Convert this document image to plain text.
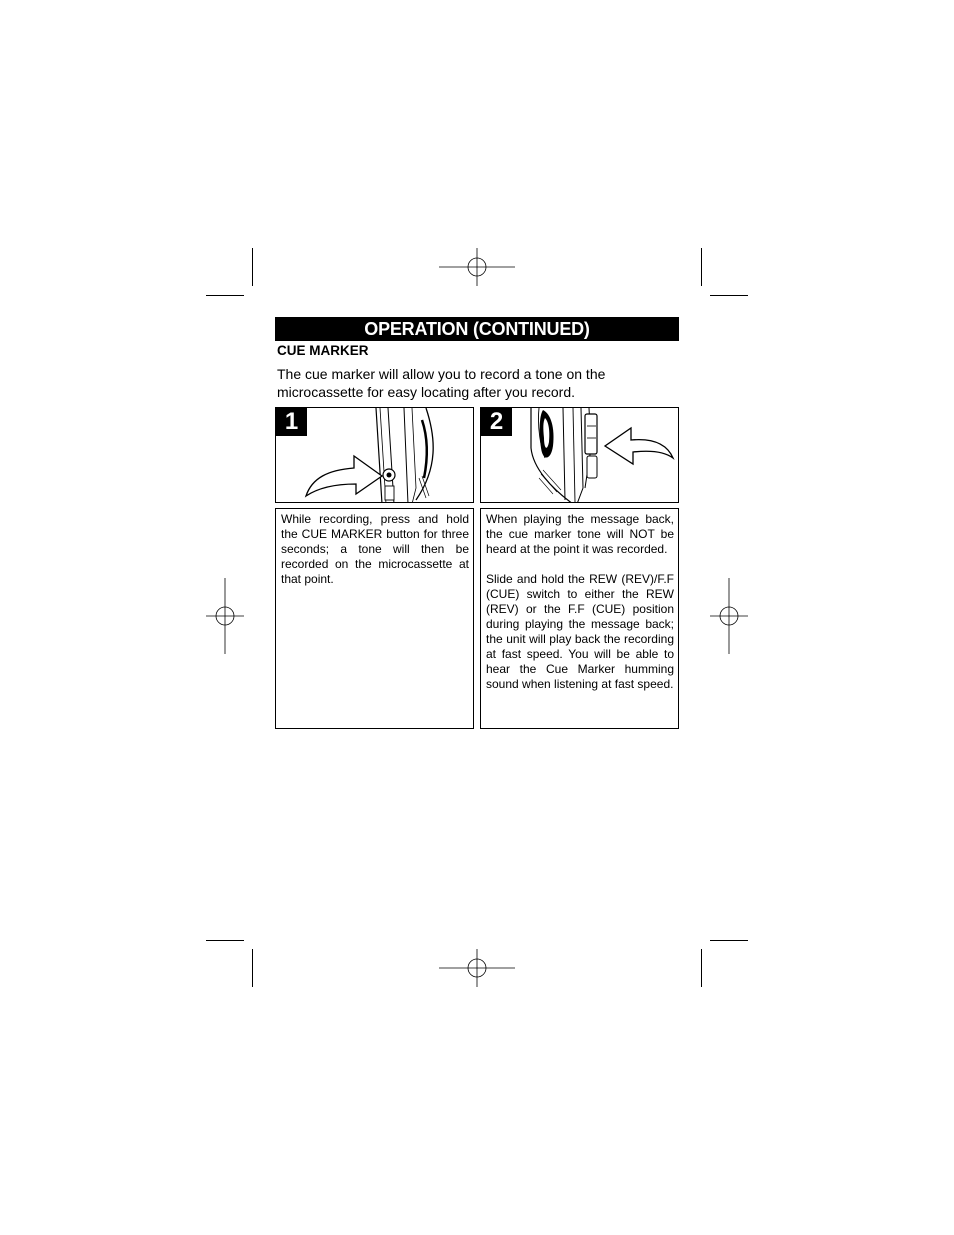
OPERATION (CONTINUED)
CUE MARKER
The cue marker will allow you to record a tone on the microcassette for easy locating after you record.
1	2

While recording, press and hold the CUE MARKER button for three seconds; a tone will then be recorded on the microcassette at that point.

When playing the message back, the cue marker tone will NOT be heard at the point it was recorded.

Slide and hold the REW (REV)/F.F (CUE) switch to either the REW (REV) or the F.F (CUE) position during playing the message back; the unit will play back the recording at fast speed. You will be able to hear the Cue Marker humming sound when listening at fast speed.
